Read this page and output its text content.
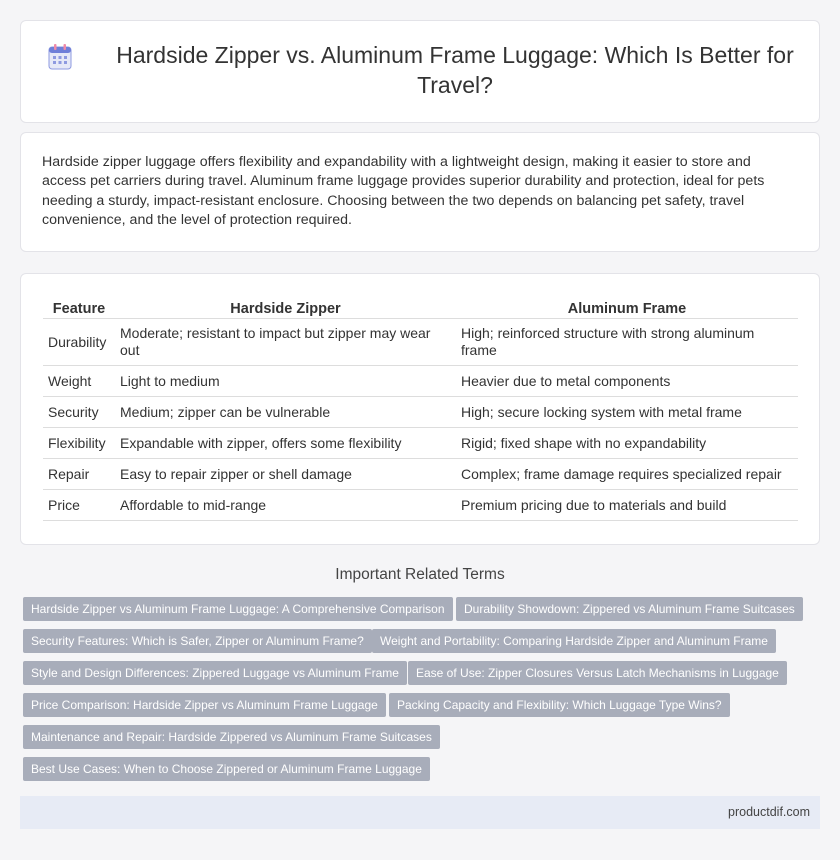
Hardside Zipper vs. Aluminum Frame Luggage: Which Is Better for Travel?

Hardside zipper luggage offers flexibility and expandability with a lightweight design, making it easier to store and access pet carriers during travel. Aluminum frame luggage provides superior durability and protection, ideal for pets needing a sturdy, impact-resistant enclosure. Choosing between the two depends on balancing pet safety, travel convenience, and the level of protection required.

Feature	Hardside Zipper	Aluminum Frame
Durability	Moderate; resistant to impact but zipper may wear out	High; reinforced structure with strong aluminum frame
Weight	Light to medium	Heavier due to metal components
Security	Medium; zipper can be vulnerable	High; secure locking system with metal frame
Flexibility	Expandable with zipper, offers some flexibility	Rigid; fixed shape with no expandability
Repair	Easy to repair zipper or shell damage	Complex; frame damage requires specialized repair
Price	Affordable to mid-range	Premium pricing due to materials and build
Important Related Terms
Hardside Zipper vs Aluminum Frame Luggage: A Comprehensive Comparison	Durability Showdown: Zippered vs Aluminum Frame Suitcases
Security Features: Which is Safer, Zipper or Aluminum Frame?	Weight and Portability: Comparing Hardside Zipper and Aluminum Frame
Style and Design Differences: Zippered Luggage vs Aluminum Frame	Ease of Use: Zipper Closures Versus Latch Mechanisms in Luggage
Price Comparison: Hardside Zipper vs Aluminum Frame Luggage	Packing Capacity and Flexibility: Which Luggage Type Wins?
Maintenance and Repair: Hardside Zippered vs Aluminum Frame Suitcases
Best Use Cases: When to Choose Zippered or Aluminum Frame Luggage
productdif.com
